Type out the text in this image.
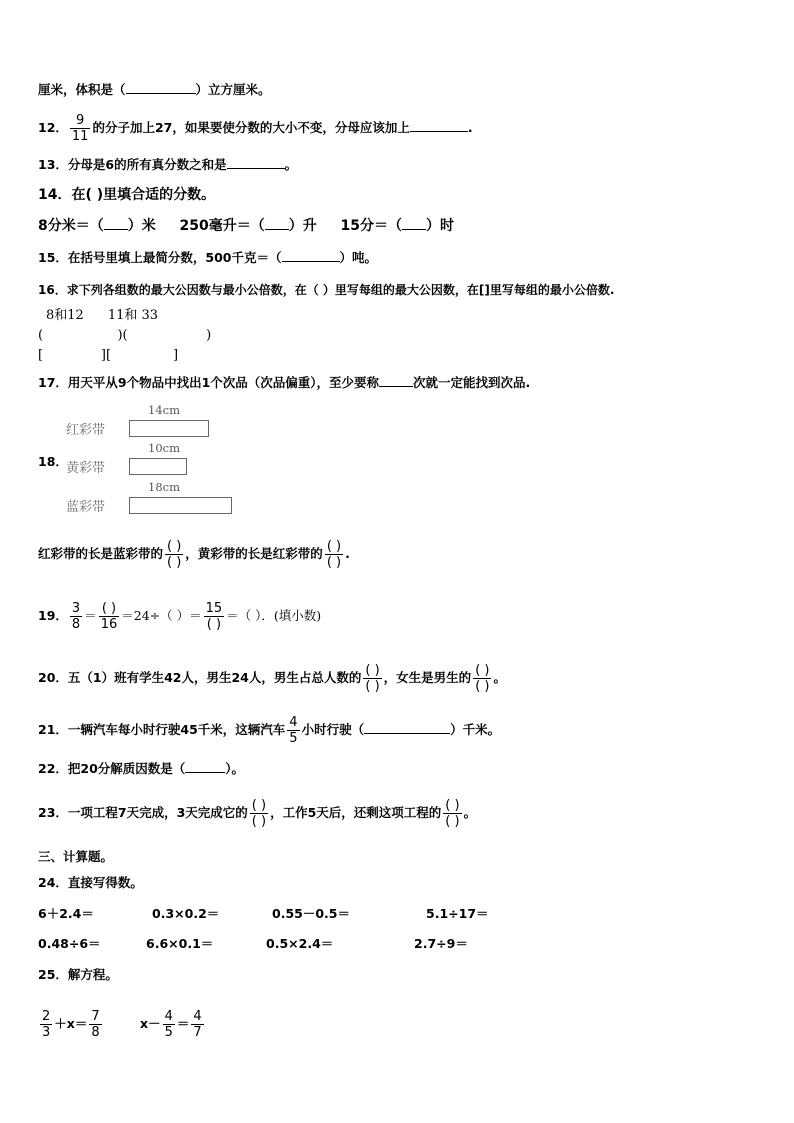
厘米，体积是（	）立方厘米。
12． $\frac{9}{11}$ 的分子加上27，如果要使分数的大小不变，分母应该加上	.
13．分母是6的所有真分数之和是	。
14．在( )里填合适的分数。
8分米＝（ ）米 250毫升＝（ ）升 15分＝（ ）时
15．在括号里填上最简分数，500千克＝（	）吨。
16．求下列各组数的最大公因数与最小公倍数，在（ ）里写每组的最大公因数，在[]里写每组的最小公倍数.
8和12 11和 33
(                  )(                   )
[              ][               ]
17．用天平从9个物品中找出1个次品（次品偏重），至少要称	次就一定能找到次品.
18．
红彩带
14cm
黄彩带
10cm
蓝彩带
18cm
红彩带的长是蓝彩带的 $\frac{( )}{( )}$ ，黄彩带的长是红彩带的 $\frac{( )}{( )}$ .
19． $\frac{3}{8} = \frac{( )}{16} =24\div$（ ）＝ $\frac{15}{( )}$ ＝（ ）．(填小数)
20．五（1）班有学生42人，男生24人，男生占总人数的 $\frac{( )}{( )}$ ，女生是男生的 $\frac{( )}{( )}$ 。
21．一辆汽车每小时行驶45千米，这辆汽车 $\frac{4}{5}$ 小时行驶（	）千米。
22．把20分解质因数是（	）。
23．一项工程7天完成，3天完成它的 $\frac{( )}{( )}$ ，工作5天后，还剩这项工程的 $\frac{( )}{( )}$ 。
三、计算题。
24．直接写得数。
6＋2.4＝	0.3×0.2＝	0.55－0.5＝	5.1÷17＝
0.48÷6＝	6.6×0.1＝	0.5×2.4＝	2.7÷9＝
25．解方程。
$\frac{2}{3} +x= \frac{7}{8}$	$x- \frac{4}{5} = \frac{4}{7}$
